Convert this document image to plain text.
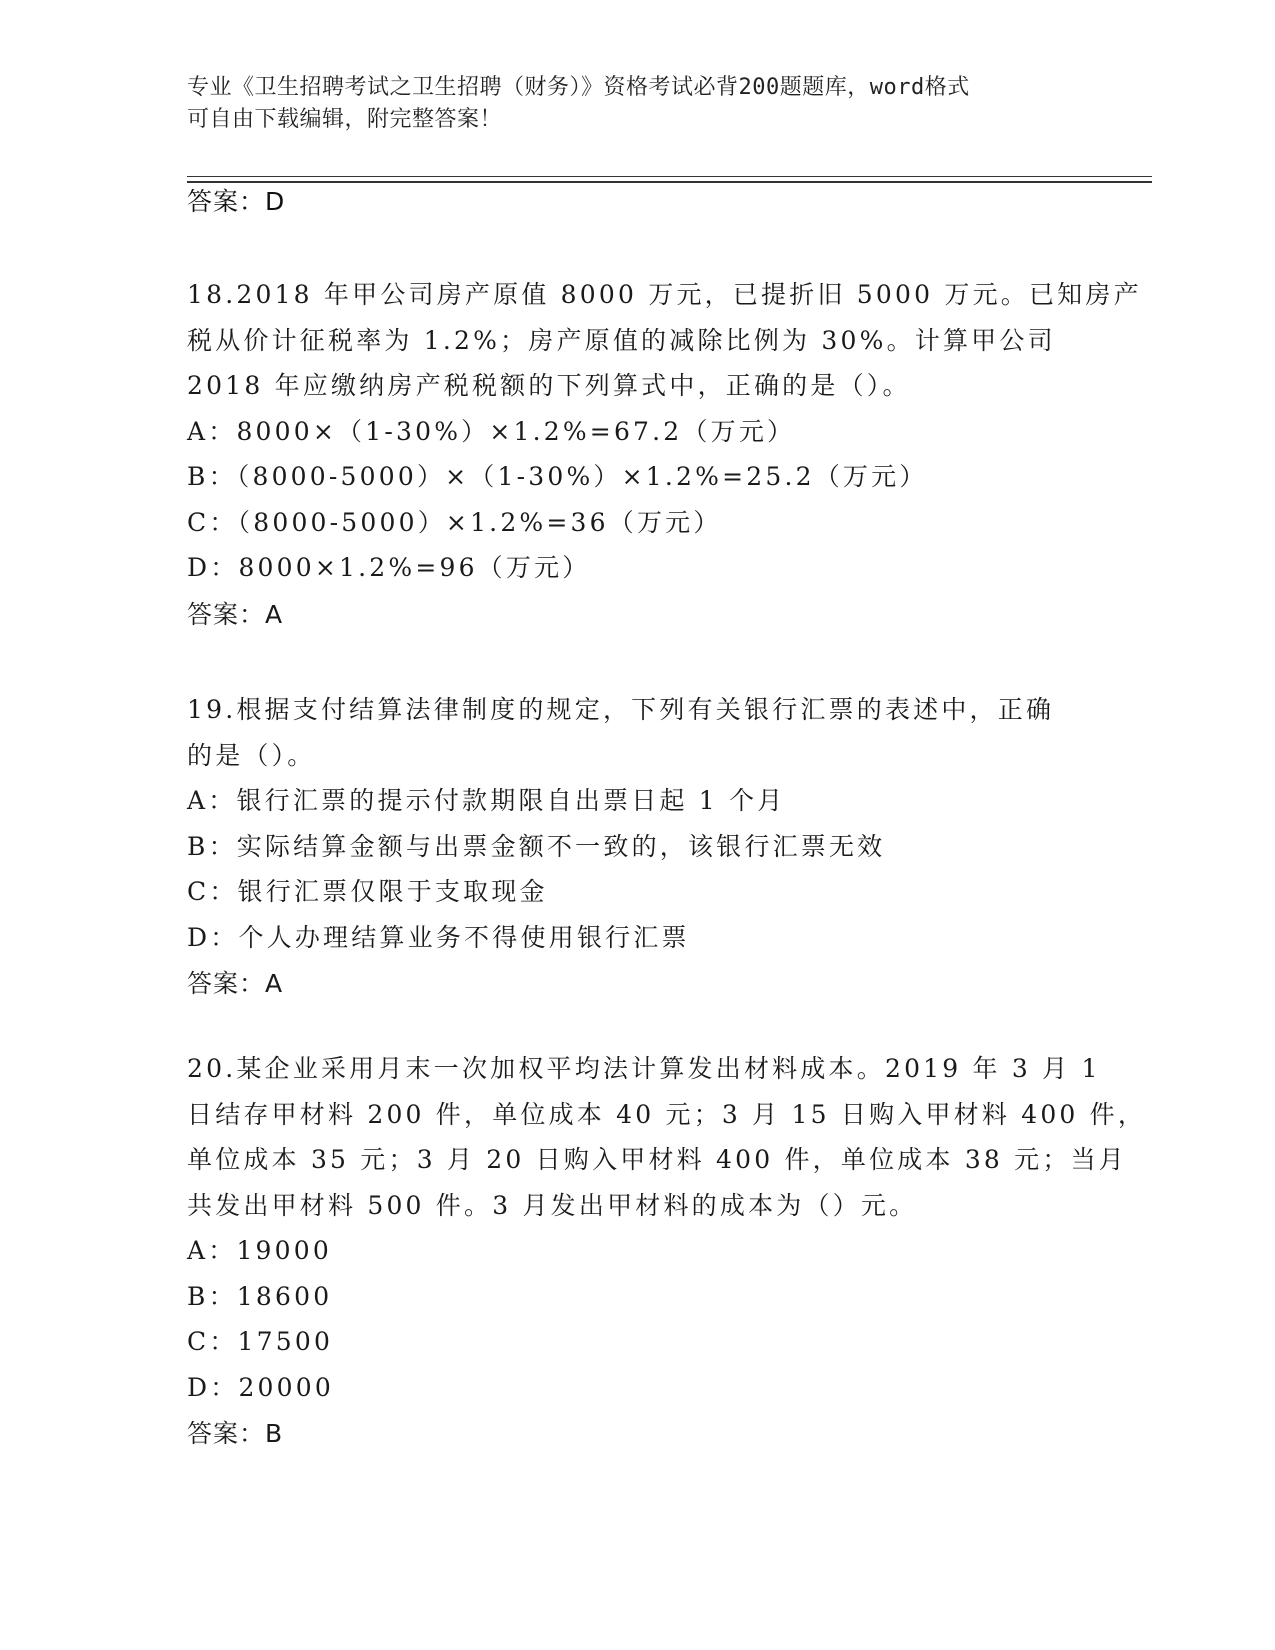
专业《卫生招聘考试之卫生招聘（财务）》资格考试必背200题题库，word格式
可自由下载编辑，附完整答案！
答案：D
18.2018 年甲公司房产原值 8000 万元，已提折旧 5000 万元。已知房产
税从价计征税率为 1.2%；房产原值的减除比例为 30%。计算甲公司
2018 年应缴纳房产税税额的下列算式中，正确的是（）。
A：8000×（1-30%）×1.2%=67.2（万元）
B：（8000-5000）×（1-30%）×1.2%=25.2（万元）
C：（8000-5000）×1.2%=36（万元）
D：8000×1.2%=96（万元）
答案：A
19.根据支付结算法律制度的规定，下列有关银行汇票的表述中，正确
的是（）。
A：银行汇票的提示付款期限自出票日起 1 个月
B：实际结算金额与出票金额不一致的，该银行汇票无效
C：银行汇票仅限于支取现金
D：个人办理结算业务不得使用银行汇票
答案：A
20.某企业采用月末一次加权平均法计算发出材料成本。2019 年 3 月 1
日结存甲材料 200 件，单位成本 40 元；3 月 15 日购入甲材料 400 件，
单位成本 35 元；3 月 20 日购入甲材料 400 件，单位成本 38 元；当月
共发出甲材料 500 件。3 月发出甲材料的成本为（）元。
A：19000
B：18600
C：17500
D：20000
答案：B
